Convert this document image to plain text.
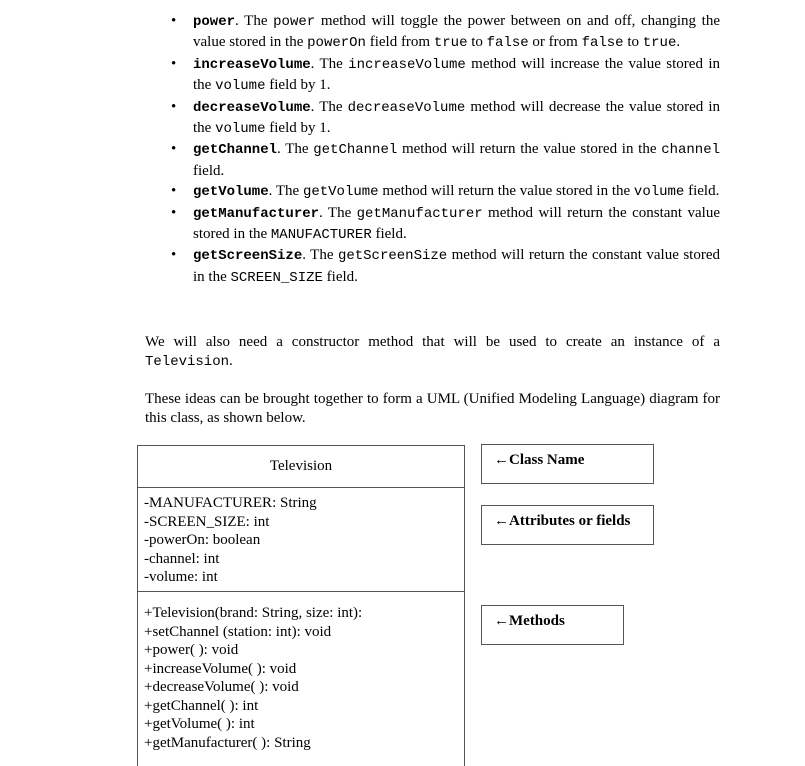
• power. The power method will toggle the power between on and off, changing the value stored in the powerOn field from true to false or from false to true.
• increaseVolume. The increaseVolume method will increase the value stored in the volume field by 1.
• decreaseVolume. The decreaseVolume method will decrease the value stored in the volume field by 1.
• getChannel. The getChannel method will return the value stored in the channel field.
• getVolume. The getVolume method will return the value stored in the volume field.
• getManufacturer. The getManufacturer method will return the constant value stored in the MANUFACTURER field.
• getScreenSize. The getScreenSize method will return the constant value stored in the SCREEN_SIZE field.

We will also need a constructor method that will be used to create an instance of a Television.

These ideas can be brought together to form a UML (Unified Modeling Language) diagram for this class, as shown below.

Television
-MANUFACTURER: String
-SCREEN_SIZE: int
-powerOn: boolean
-channel: int
-volume: int
+Television(brand: String, size: int):
+setChannel (station: int): void
+power( ): void
+increaseVolume( ): void
+decreaseVolume( ): void
+getChannel( ): int
+getVolume( ): int
+getManufacturer( ): String
←Class Name
←Attributes or fields
←Methods
